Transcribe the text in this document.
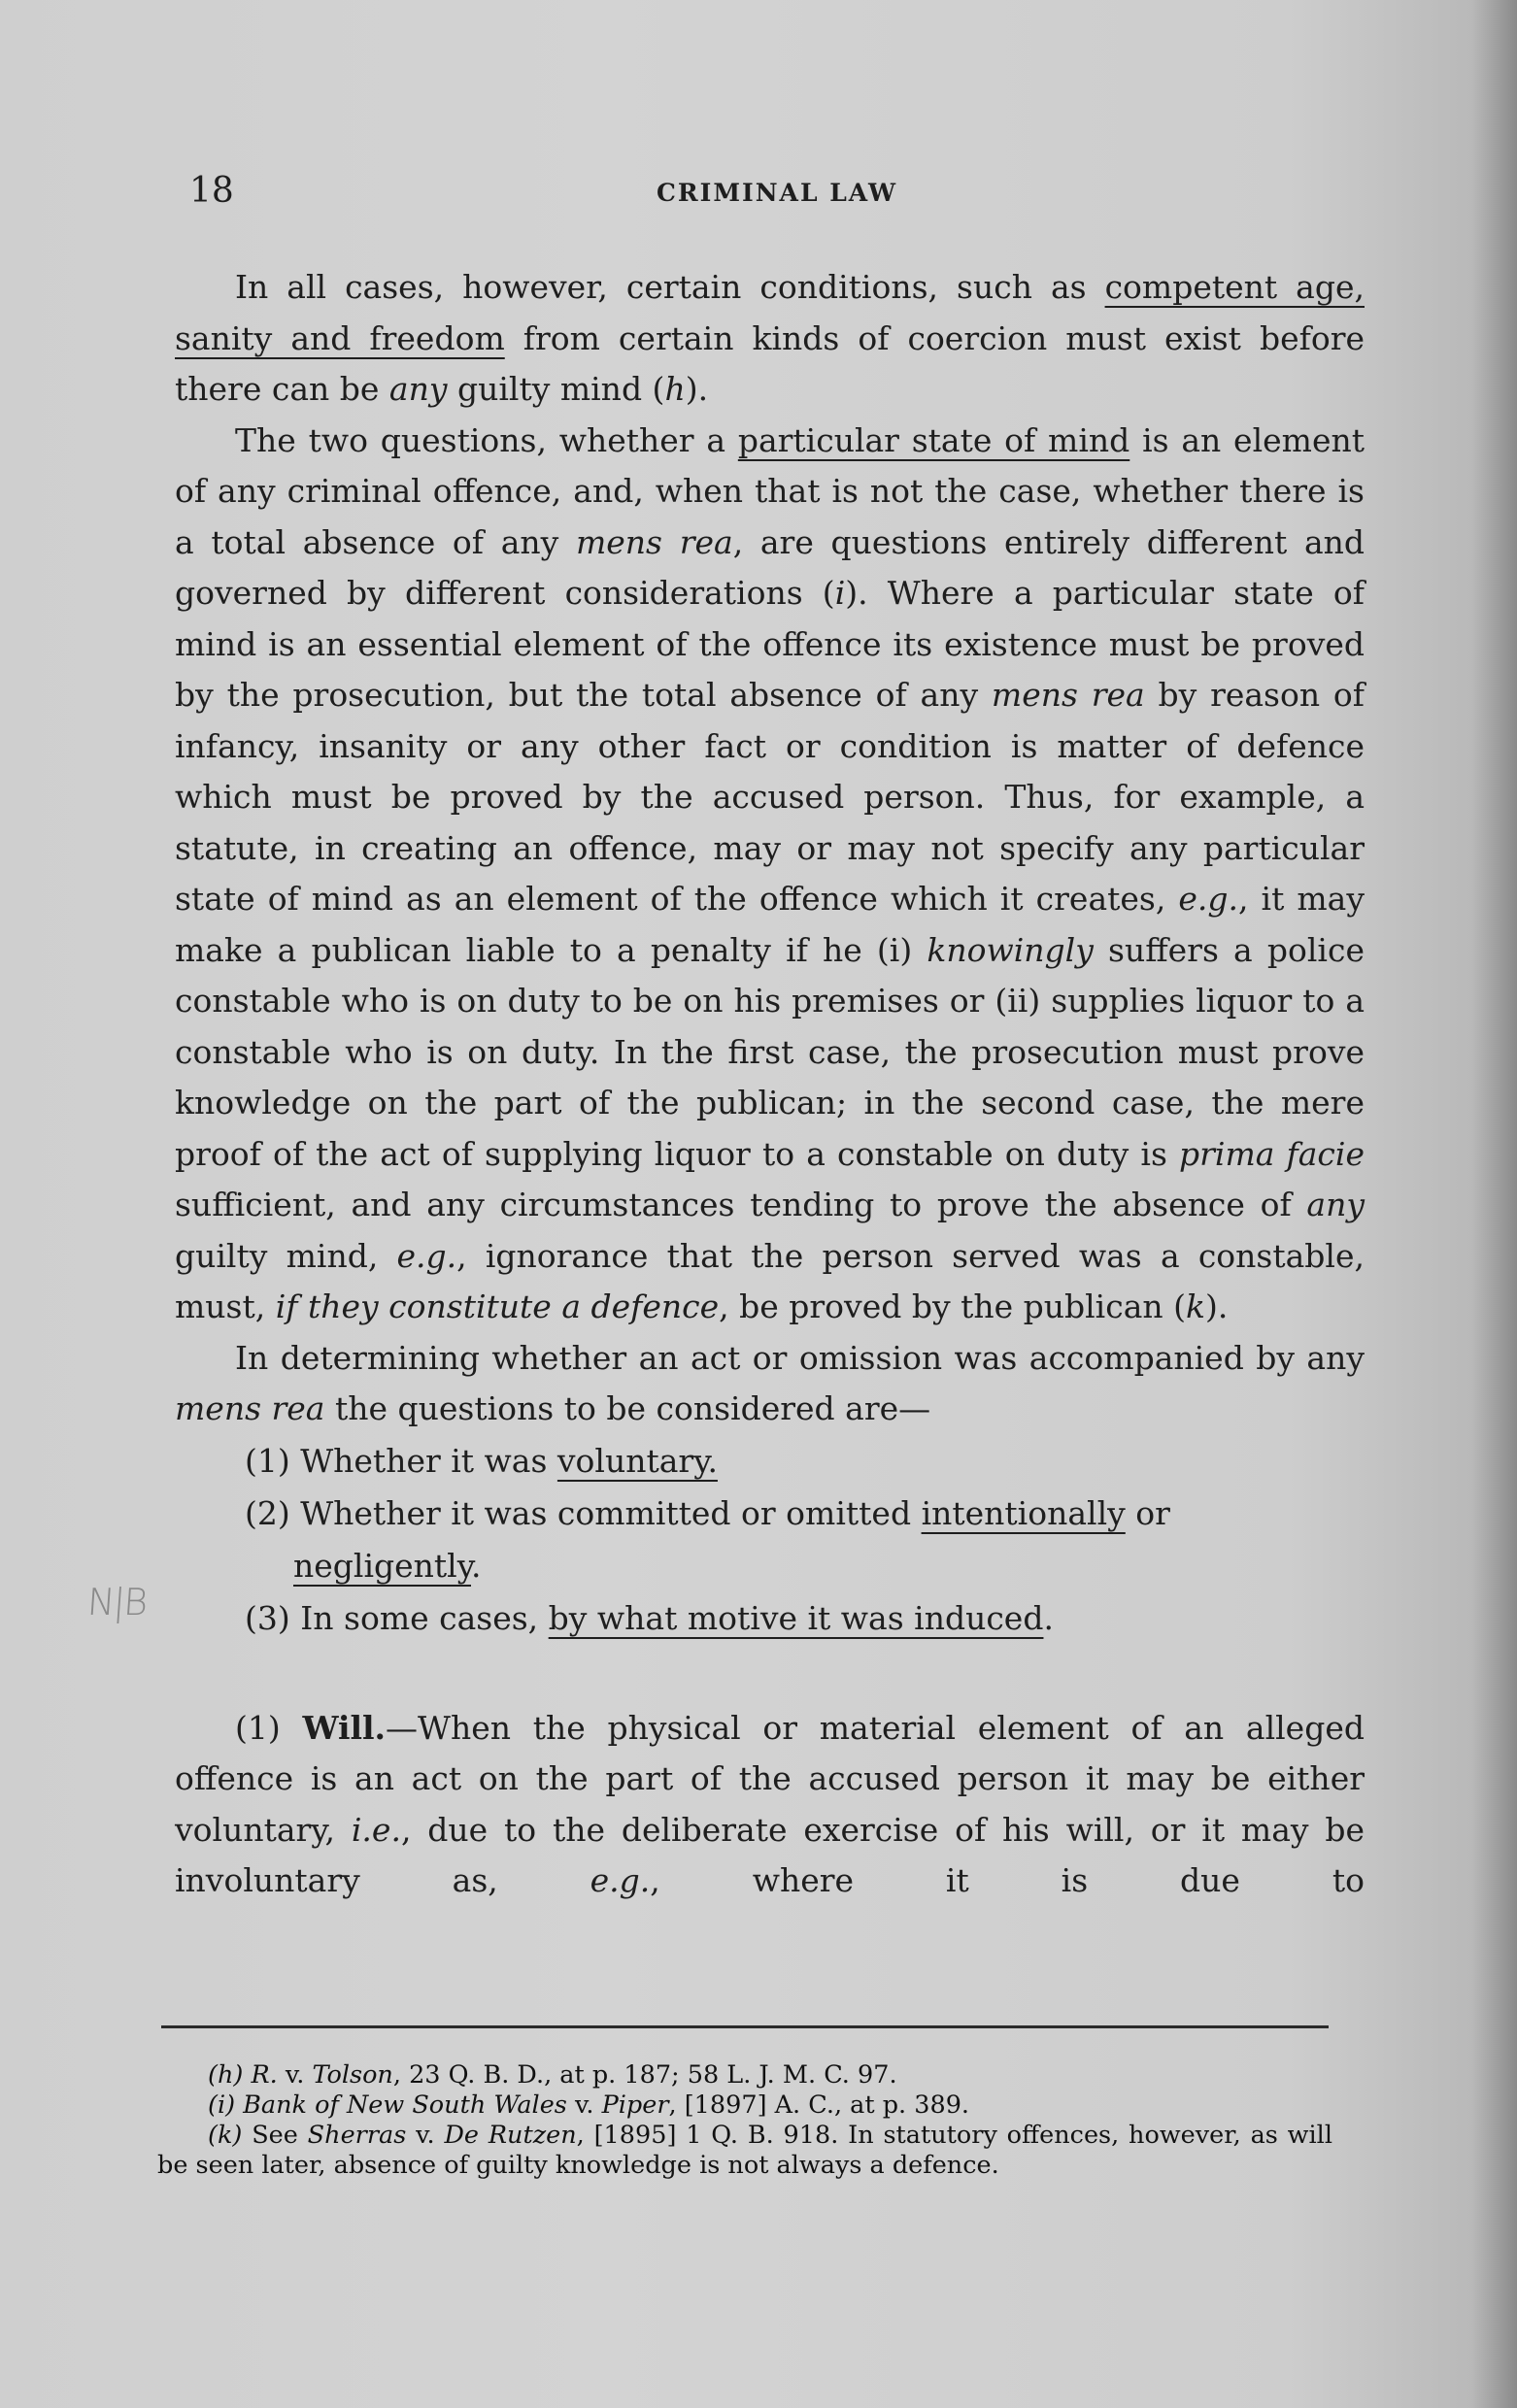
18	CRIMINAL LAW

In all cases, however, certain conditions, such as competent age, sanity and freedom from certain kinds of coercion must exist before there can be any guilty mind (h).

The two questions, whether a particular state of mind is an element of any criminal offence, and, when that is not the case, whether there is a total absence of any mens rea, are questions entirely different and governed by different considerations (i). Where a particular state of mind is an essential element of the offence its existence must be proved by the prosecution, but the total absence of any mens rea by reason of infancy, insanity or any other fact or condition is matter of defence which must be proved by the accused person. Thus, for example, a statute, in creating an offence, may or may not specify any particular state of mind as an element of the offence which it creates, e.g., it may make a publican liable to a penalty if he (i) knowingly suffers a police constable who is on duty to be on his premises or (ii) supplies liquor to a constable who is on duty. In the first case, the prosecution must prove knowledge on the part of the publican; in the second case, the mere proof of the act of supplying liquor to a constable on duty is prima facie sufficient, and any circumstances tending to prove the absence of any guilty mind, e.g., ignorance that the person served was a constable, must, if they constitute a defence, be proved by the publican (k).

In determining whether an act or omission was accompanied by any mens rea the questions to be considered are—

(1) Whether it was voluntary.
(2) Whether it was committed or omitted intentionally or negligently.
(3) In some cases, by what motive it was induced.

(1) Will.—When the physical or material element of an alleged offence is an act on the part of the accused person it may be either voluntary, i.e., due to the deliberate exercise of his will, or it may be involuntary as, e.g., where it is due to

N|B

(h) R. v. Tolson, 23 Q. B. D., at p. 187; 58 L. J. M. C. 97.

(i) Bank of New South Wales v. Piper, [1897] A. C., at p. 389.

(k) See Sherras v. De Rutzen, [1895] 1 Q. B. 918. In statutory offences, however, as will be seen later, absence of guilty knowledge is not always a defence.
